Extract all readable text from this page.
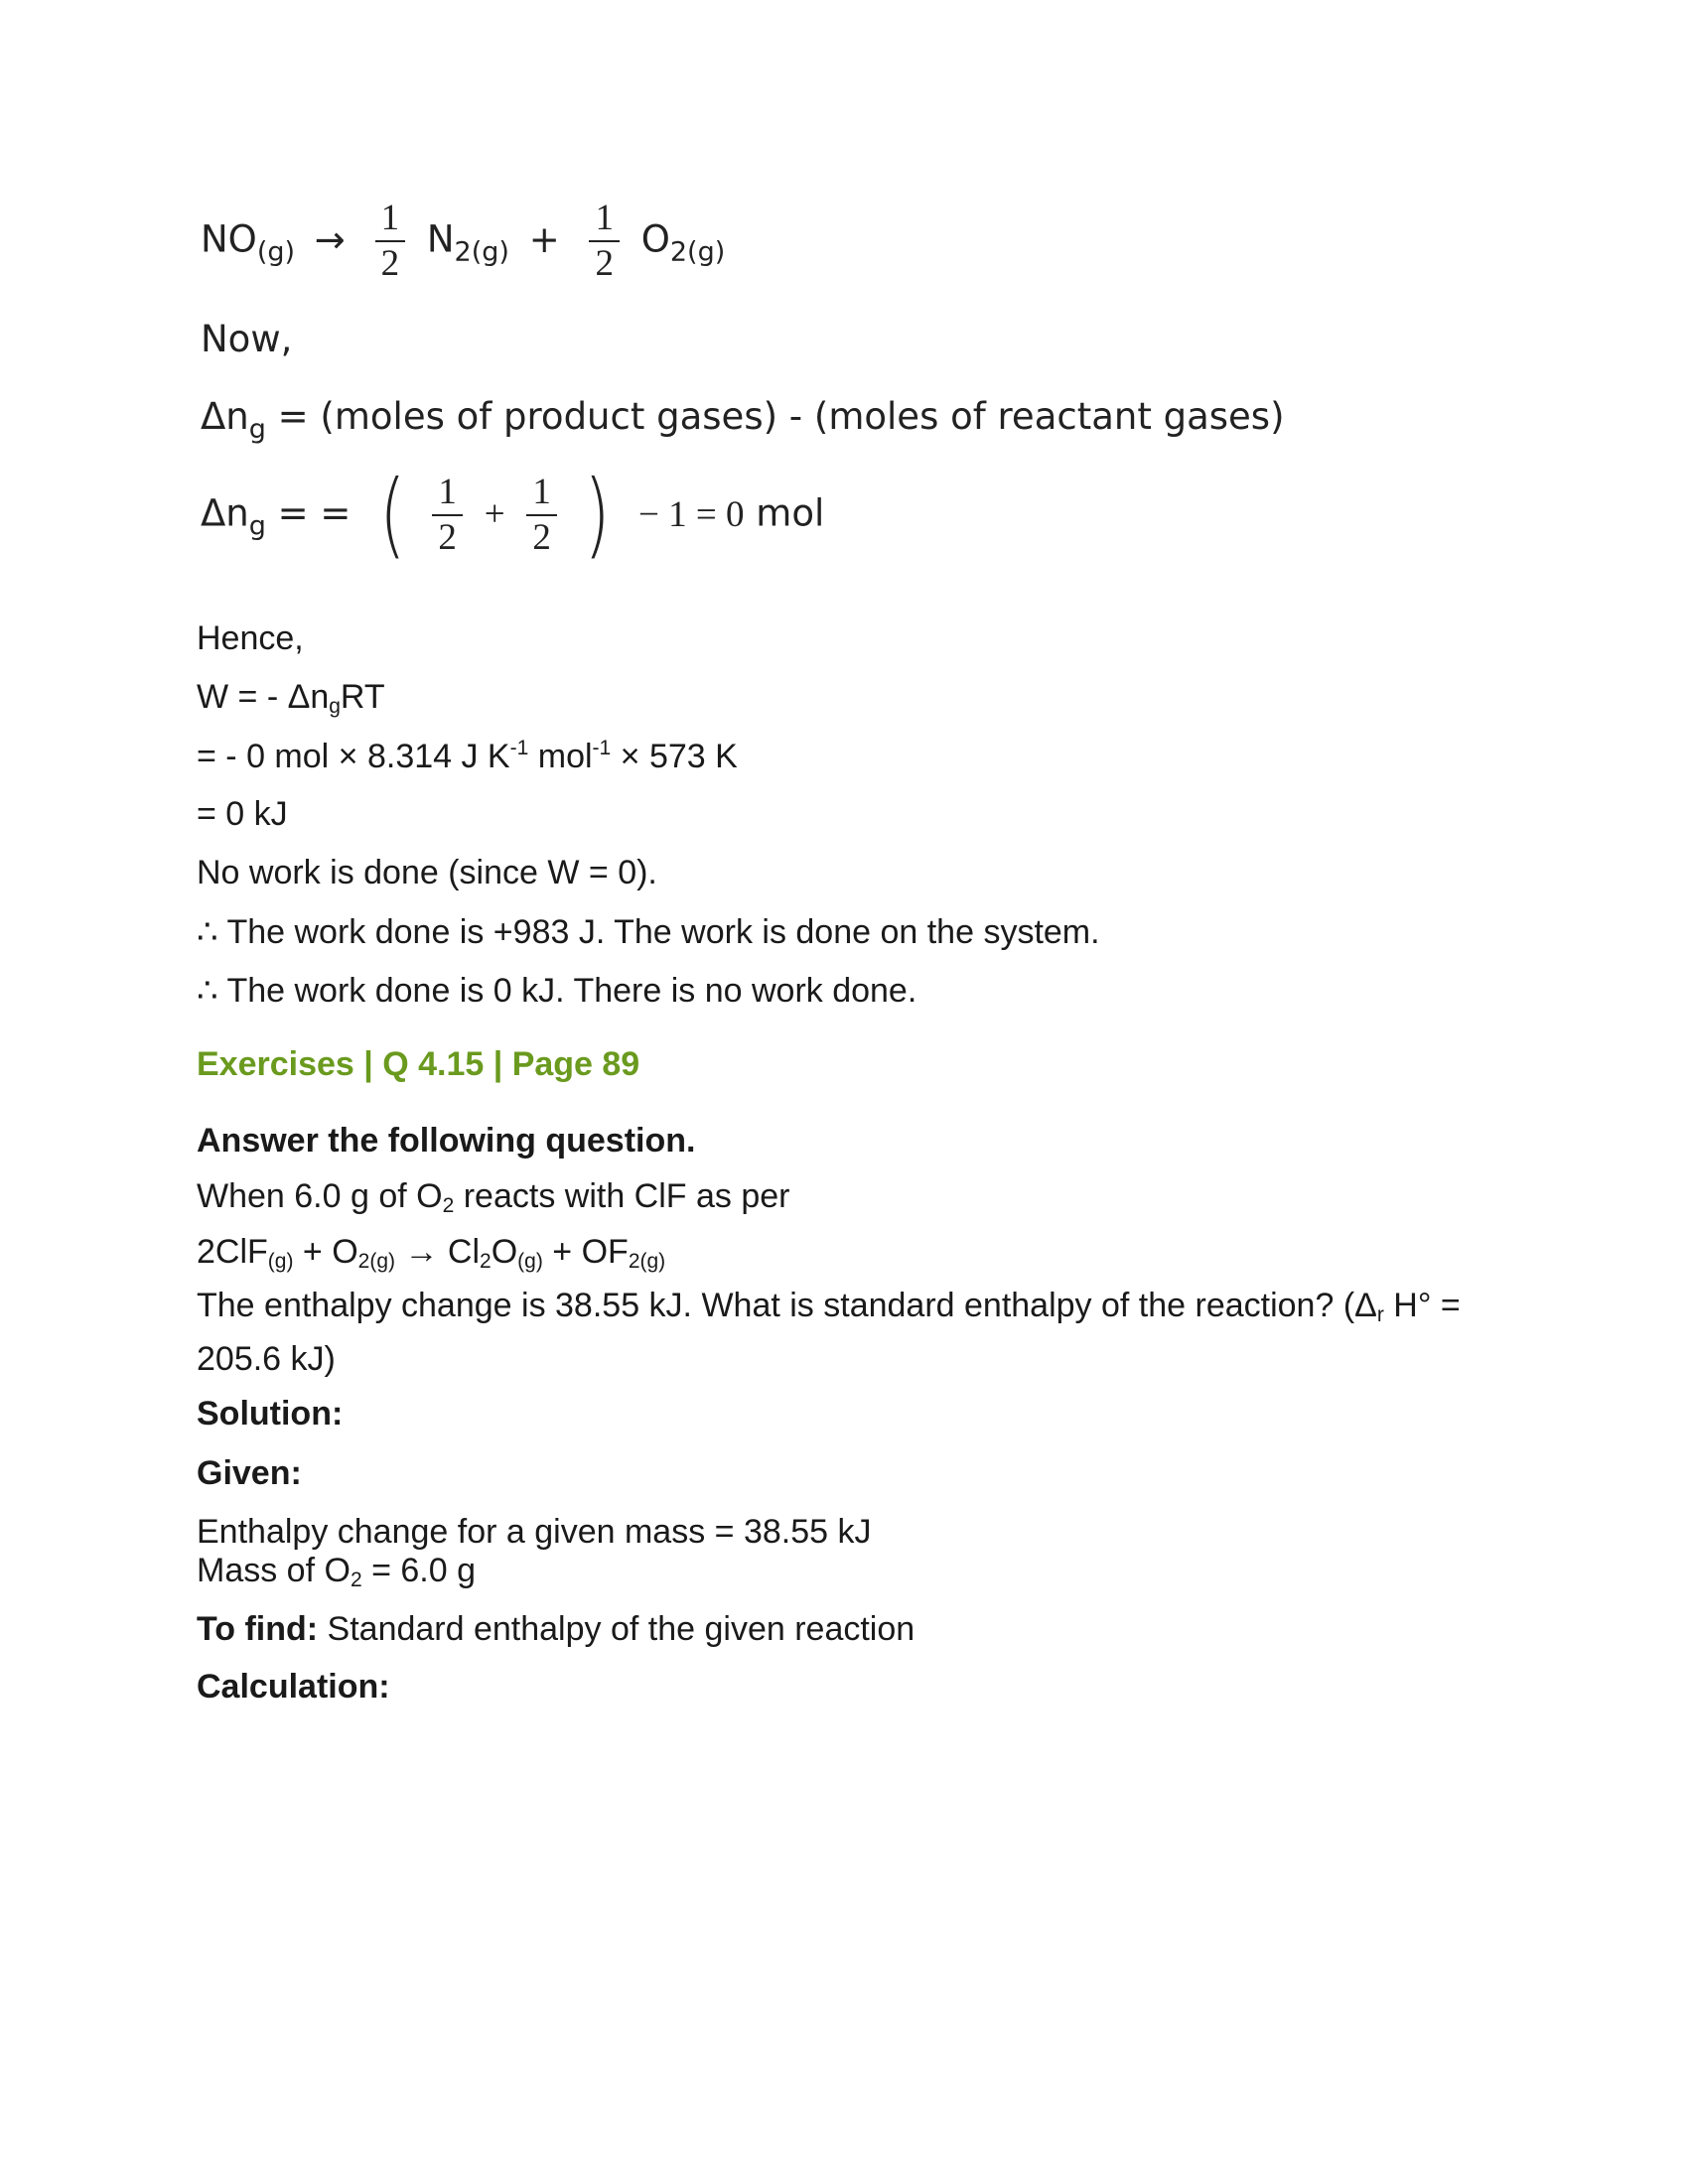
$NO_{(g)} \to \frac{1}{2} N_{2(g)} + \frac{1}{2} O_{2(g)}$
Now,
$\Delta n_g$ = (moles of product gases) - (moles of reactant gases)
$\Delta n_g$ = =  ( $\frac{1}{2} + \frac{1}{2}$ ) − 1 = 0 mol
Hence,
W = - $\Delta n_gRT$
= - 0 mol × 8.314 J $K^{-1}$ mol$^{-1}$ × 573 K
= 0 kJ
No work is done (since W = 0).
∴ The work done is +983 J. The work is done on the system.
∴ The work done is 0 kJ. There is no work done.
Exercises | Q 4.15 | Page 89
Answer the following question.
When 6.0 g of $O_2$ reacts with ClF as per
$2ClF_{(g)} + O_{2(g)} \to Cl_2O_{(g)} + OF_{2(g)}$
The enthalpy change is 38.55 kJ. What is standard enthalpy of the reaction? ($\Delta_r$ H° =
205.6 kJ)
Solution:
Given:
Enthalpy change for a given mass = 38.55 kJ
Mass of $O_2 = 6.0$ g
To find: Standard enthalpy of the given reaction
Calculation:
